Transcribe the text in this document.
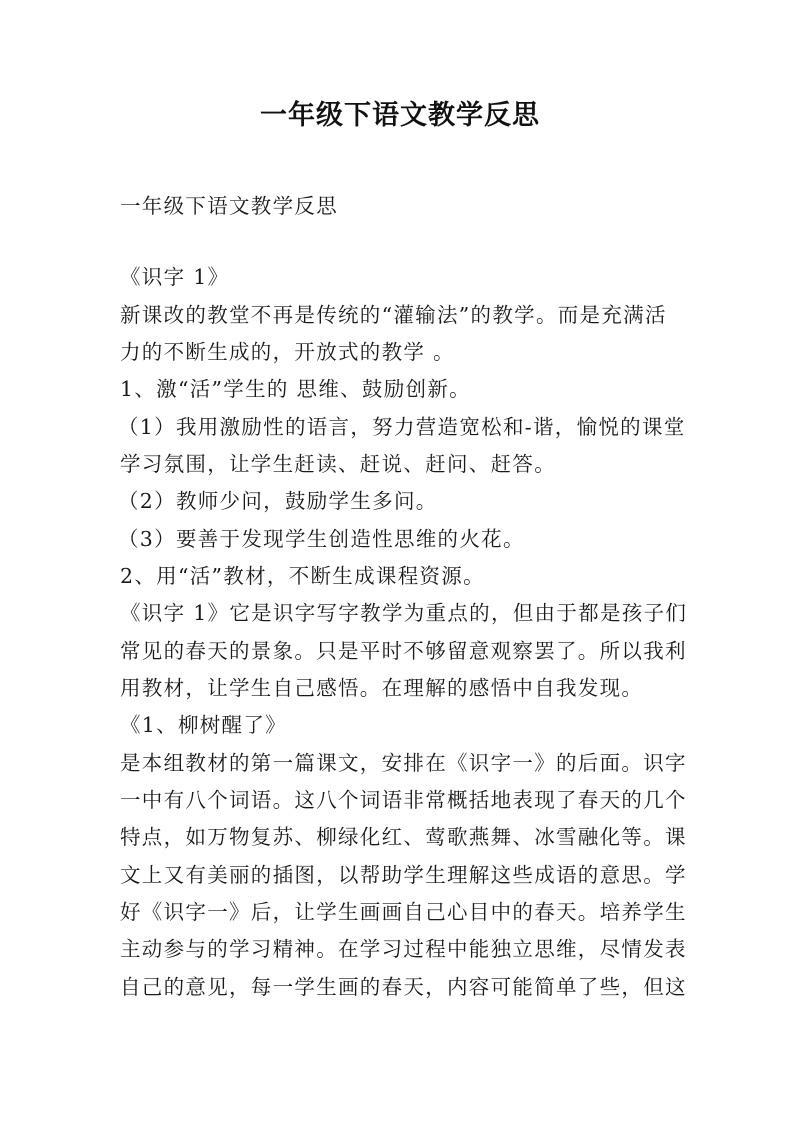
一年级下语文教学反思
一年级下语文教学反思
《识字 1》
新课改的教堂不再是传统的“灌输法”的教学。而是充满活
力的不断生成的，开放式的教学 。
1、激“活”学生的 思维、鼓励创新。
（1）我用激励性的语言，努力营造宽松和-谐，愉悦的课堂
学习氛围，让学生赶读、赶说、赶问、赶答。
（2）教师少问，鼓励学生多问。
（3）要善于发现学生创造性思维的火花。
2、用“活”教材，不断生成课程资源。
《识字 1》它是识字写字教学为重点的，但由于都是孩子们
常见的春天的景象。只是平时不够留意观察罢了。所以我利
用教材，让学生自己感悟。在理解的感悟中自我发现。
《1、柳树醒了》
是本组教材的第一篇课文，安排在《识字一》的后面。识字
一中有八个词语。这八个词语非常概括地表现了春天的几个
特点，如万物复苏、柳绿化红、莺歌燕舞、冰雪融化等。课
文上又有美丽的插图，以帮助学生理解这些成语的意思。学
好《识字一》后，让学生画画自己心目中的春天。培养学生
主动参与的学习精神。在学习过程中能独立思维，尽情发表
自己的意见，每一学生画的春天，内容可能简单了些，但这
